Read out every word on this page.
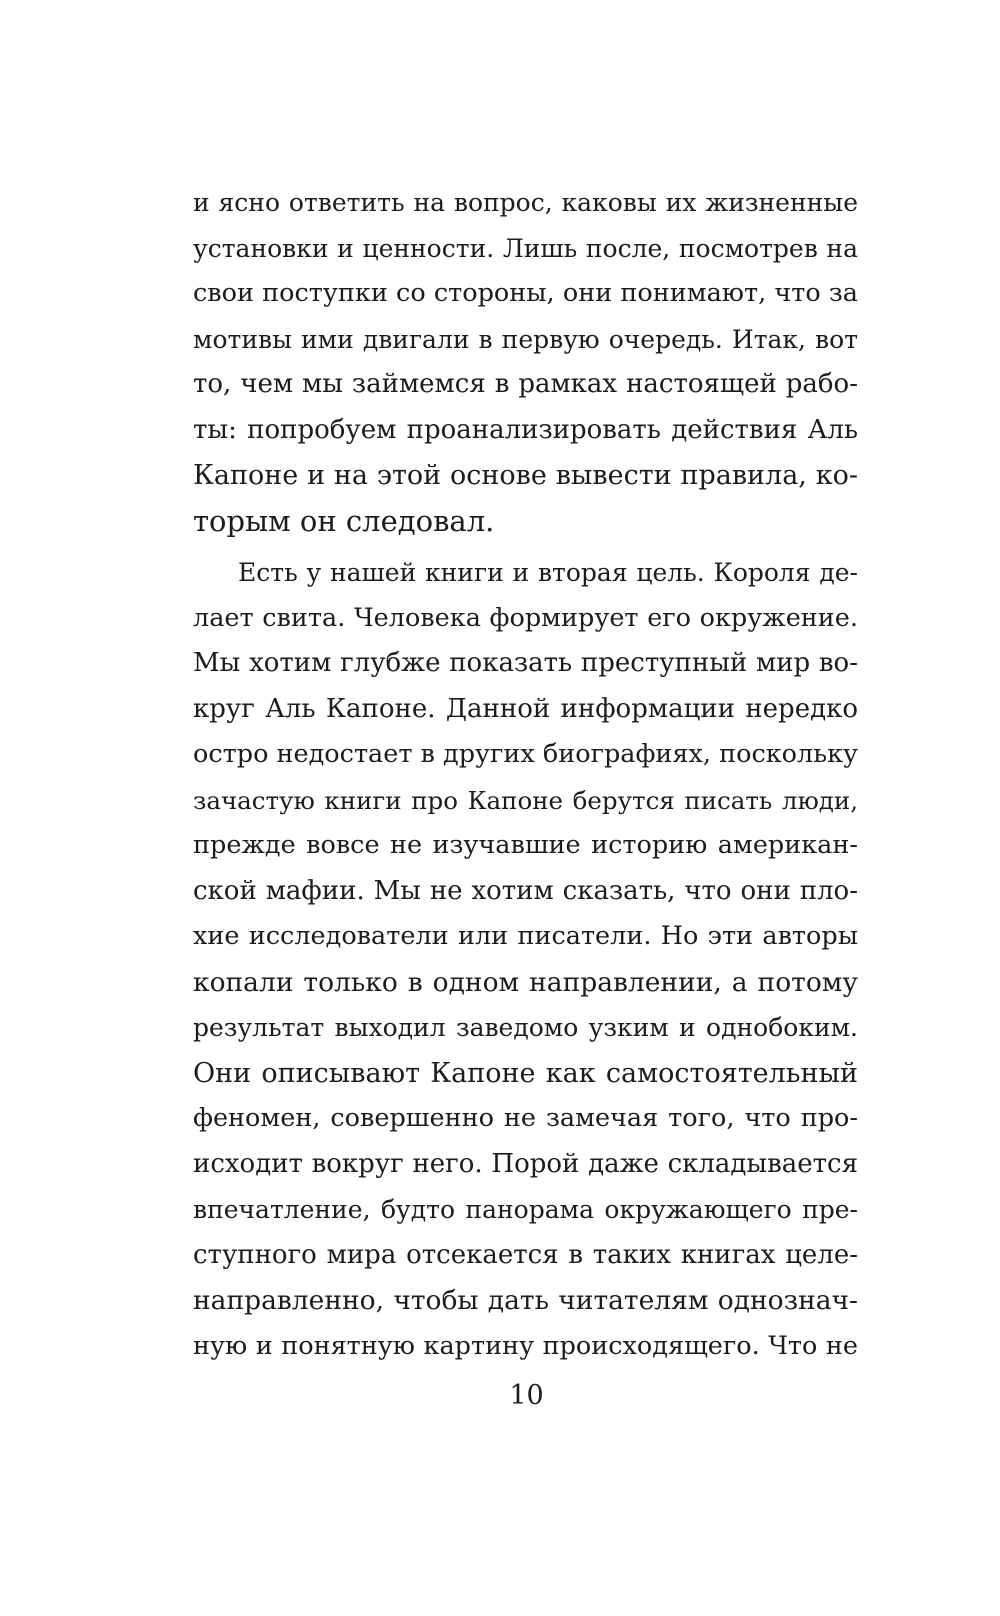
и ясно ответить на вопрос, каковы их жизненные
установки и ценности. Лишь после, посмотрев на
свои поступки со стороны, они понимают, что за
мотивы ими двигали в первую очередь. Итак, вот
то, чем мы займемся в рамках настоящей рабо-
ты: попробуем проанализировать действия Аль
Капоне и на этой основе вывести правила, ко-
торым он следовал.
Есть у нашей книги и вторая цель. Короля де-
лает свита. Человека формирует его окружение.
Мы хотим глубже показать преступный мир во-
круг Аль Капоне. Данной информации нередко
остро недостает в других биографиях, поскольку
зачастую книги про Капоне берутся писать люди,
прежде вовсе не изучавшие историю американ-
ской мафии. Мы не хотим сказать, что они пло-
хие исследователи или писатели. Но эти авторы
копали только в одном направлении, а потому
результат выходил заведомо узким и однобоким.
Они описывают Капоне как самостоятельный
феномен, совершенно не замечая того, что про-
исходит вокруг него. Порой даже складывается
впечатление, будто панорама окружающего пре-
ступного мира отсекается в таких книгах целе-
направленно, чтобы дать читателям однознач-
ную и понятную картину происходящего. Что не
10
